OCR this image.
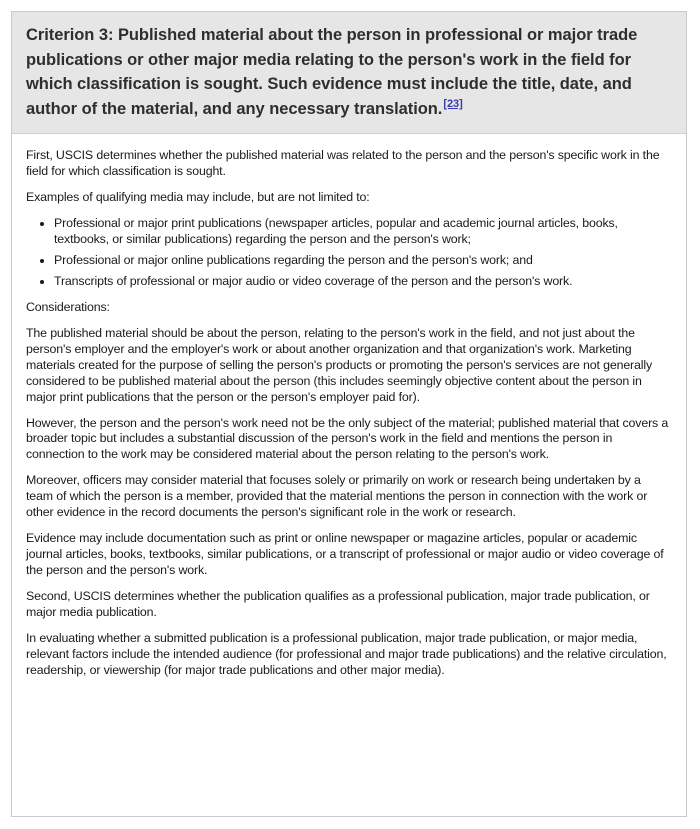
Criterion 3: Published material about the person in professional or major trade publications or other major media relating to the person's work in the field for which classification is sought. Such evidence must include the title, date, and author of the material, and any necessary translation.[23]

First, USCIS determines whether the published material was related to the person and the person's specific work in the field for which classification is sought.

Examples of qualifying media may include, but are not limited to:

• Professional or major print publications (newspaper articles, popular and academic journal articles, books, textbooks, or similar publications) regarding the person and the person's work;
• Professional or major online publications regarding the person and the person's work; and
• Transcripts of professional or major audio or video coverage of the person and the person's work.

Considerations:

The published material should be about the person, relating to the person's work in the field, and not just about the person's employer and the employer's work or about another organization and that organization's work. Marketing materials created for the purpose of selling the person's products or promoting the person's services are not generally considered to be published material about the person (this includes seemingly objective content about the person in major print publications that the person or the person's employer paid for).

However, the person and the person's work need not be the only subject of the material; published material that covers a broader topic but includes a substantial discussion of the person's work in the field and mentions the person in connection to the work may be considered material about the person relating to the person's work.

Moreover, officers may consider material that focuses solely or primarily on work or research being undertaken by a team of which the person is a member, provided that the material mentions the person in connection with the work or other evidence in the record documents the person's significant role in the work or research.

Evidence may include documentation such as print or online newspaper or magazine articles, popular or academic journal articles, books, textbooks, similar publications, or a transcript of professional or major audio or video coverage of the person and the person's work.

Second, USCIS determines whether the publication qualifies as a professional publication, major trade publication, or major media publication.

In evaluating whether a submitted publication is a professional publication, major trade publication, or major media, relevant factors include the intended audience (for professional and major trade publications) and the relative circulation, readership, or viewership (for major trade publications and other major media).
